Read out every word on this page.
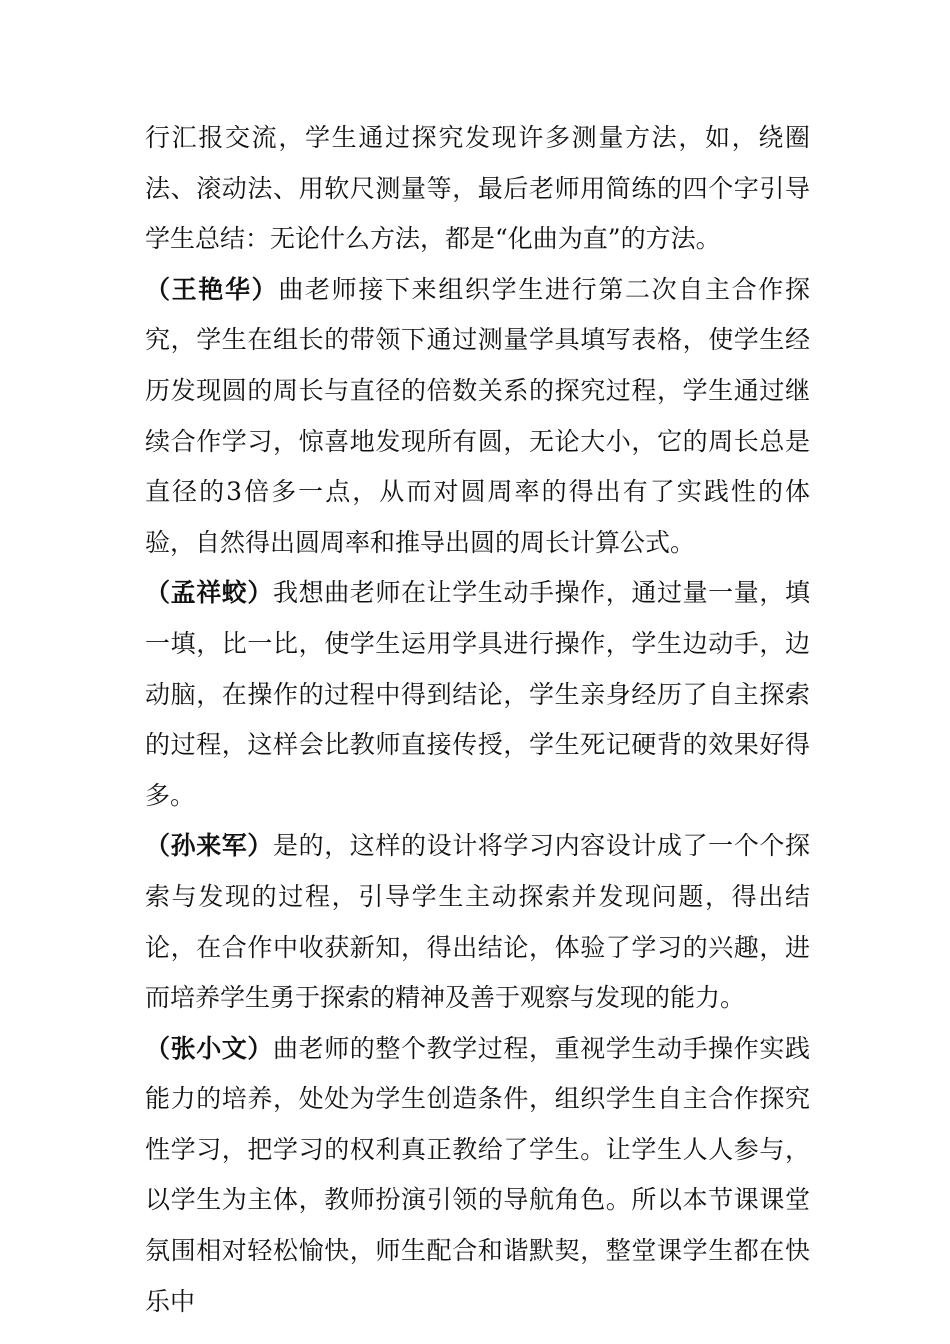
行汇报交流，学生通过探究发现许多测量方法，如，绕圈法、滚动法、用软尺测量等，最后老师用简练的四个字引导学生总结：无论什么方法，都是“化曲为直”的方法。

（王艳华）曲老师接下来组织学生进行第二次自主合作探究，学生在组长的带领下通过测量学具填写表格，使学生经历发现圆的周长与直径的倍数关系的探究过程，学生通过继续合作学习，惊喜地发现所有圆，无论大小，它的周长总是直径的3倍多一点，从而对圆周率的得出有了实践性的体验，自然得出圆周率和推导出圆的周长计算公式。

（孟祥蛟）我想曲老师在让学生动手操作，通过量一量，填一填，比一比，使学生运用学具进行操作，学生边动手，边动脑，在操作的过程中得到结论，学生亲身经历了自主探索的过程，这样会比教师直接传授，学生死记硬背的效果好得多。

（孙来军）是的，这样的设计将学习内容设计成了一个个探索与发现的过程，引导学生主动探索并发现问题，得出结论，在合作中收获新知，得出结论，体验了学习的兴趣，进而培养学生勇于探索的精神及善于观察与发现的能力。

（张小文）曲老师的整个教学过程，重视学生动手操作实践能力的培养，处处为学生创造条件，组织学生自主合作探究性学习，把学习的权利真正教给了学生。让学生人人参与，以学生为主体，教师扮演引领的导航角色。所以本节课课堂氛围相对轻松愉快，师生配合和谐默契，整堂课学生都在快乐中
